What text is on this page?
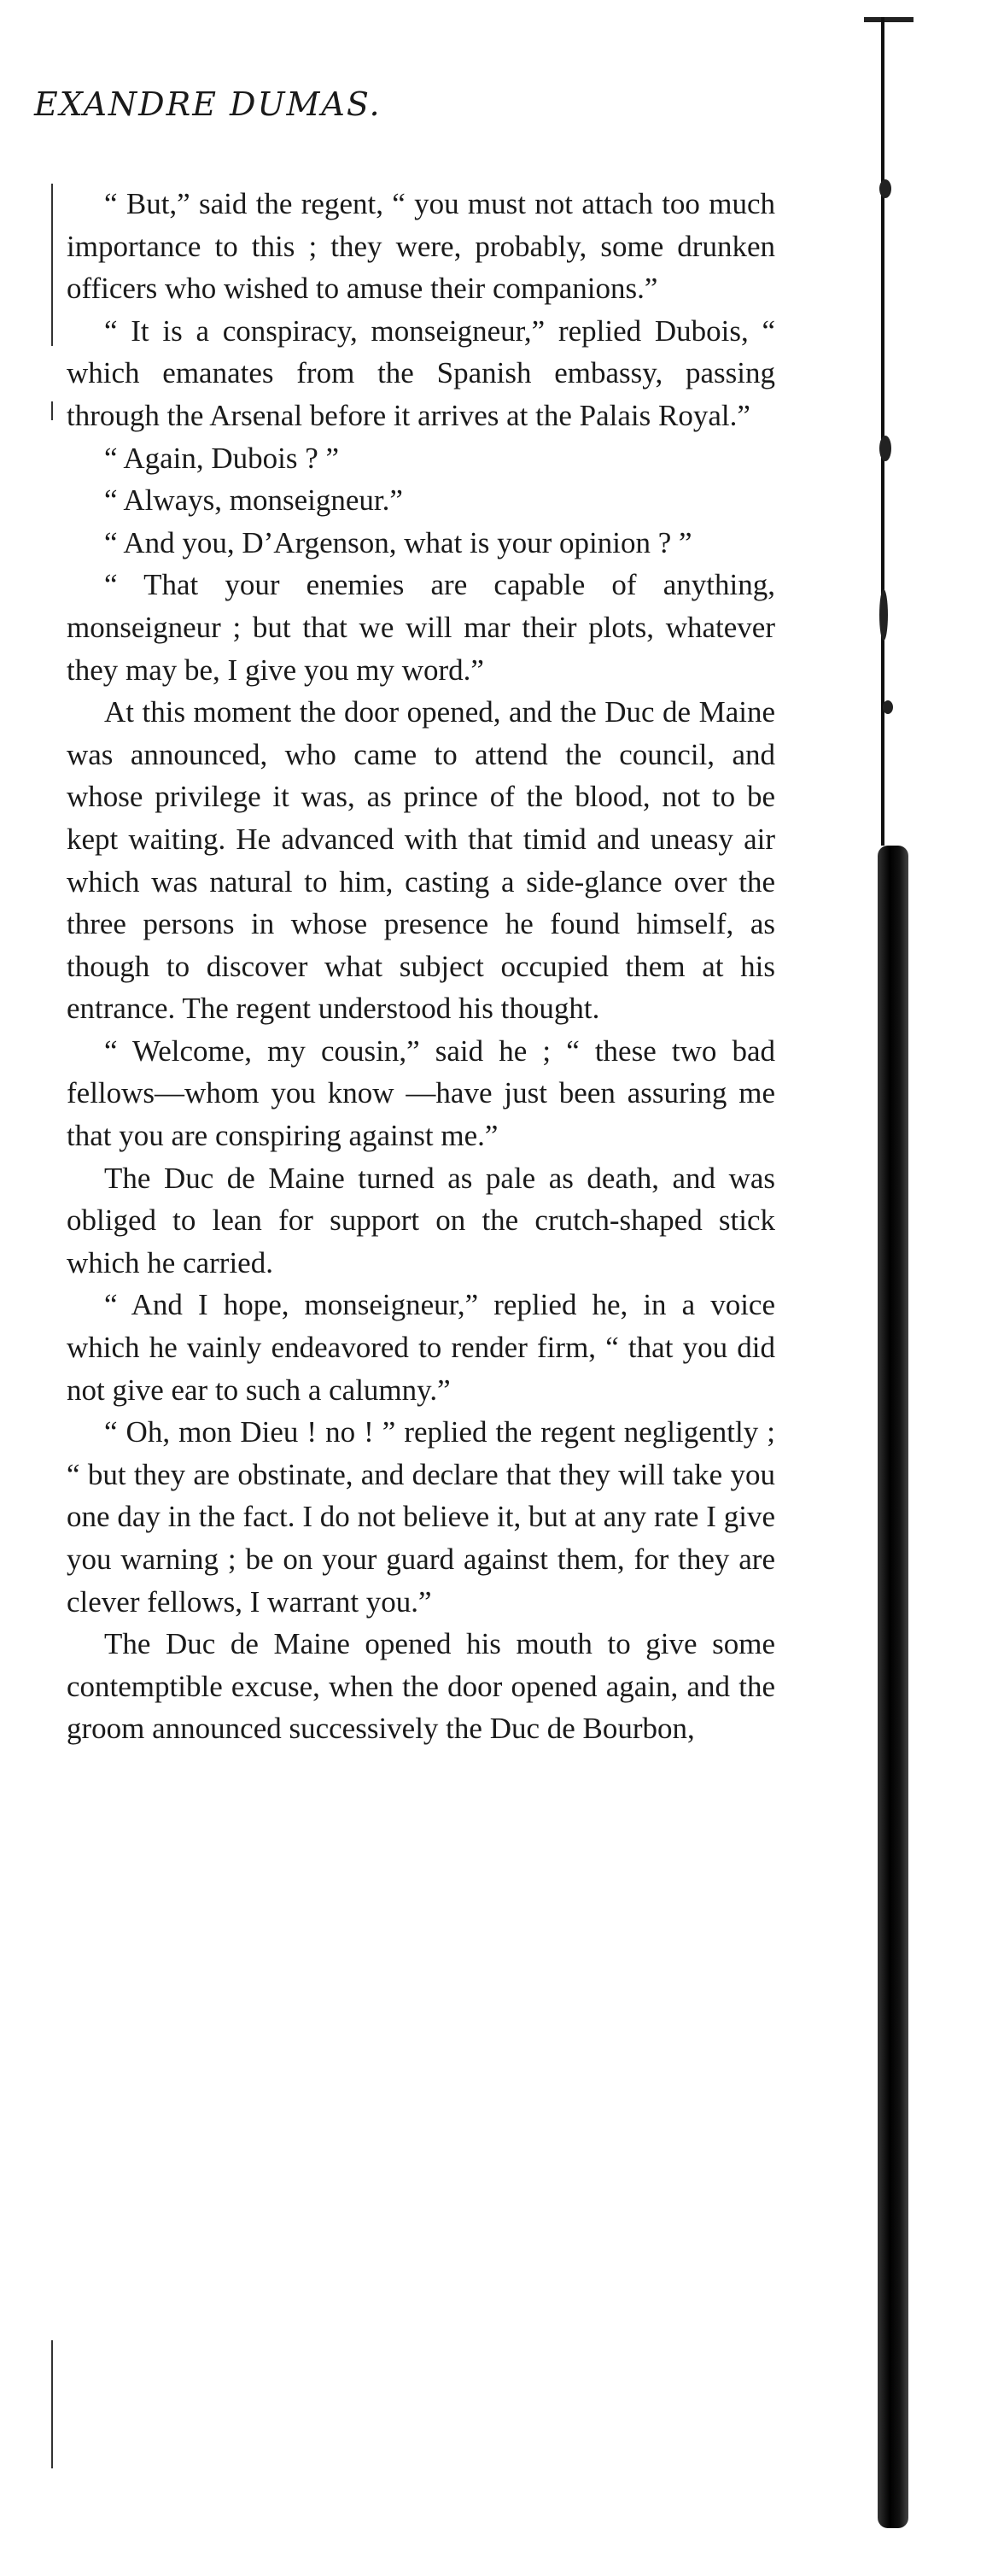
EXANDRE DUMAS.

“ But,” said the regent, “ you must not attach too much importance to this ; they were, probably, some drunken officers who wished to amuse their companions.”

“ It is a conspiracy, monseigneur,” replied Dubois, “ which emanates from the Spanish embassy, passing through the Arsenal before it arrives at the Palais Royal.”

“ Again, Dubois ? ”

“ Always, monseigneur.”

“ And you, D’Argenson, what is your opinion ? ”

“ That your enemies are capable of anything, monseigneur ; but that we will mar their plots, whatever they may be, I give you my word.”

At this moment the door opened, and the Duc de Maine was announced, who came to attend the council, and whose privilege it was, as prince of the blood, not to be kept waiting. He advanced with that timid and uneasy air which was natural to him, casting a side-glance over the three persons in whose presence he found himself, as though to discover what subject occupied them at his entrance. The regent understood his thought.

“ Welcome, my cousin,” said he ; “ these two bad fellows—whom you know —have just been assuring me that you are conspiring against me.”

The Duc de Maine turned as pale as death, and was obliged to lean for support on the crutch-shaped stick which he carried.

“ And I hope, monseigneur,” replied he, in a voice which he vainly endeavored to render firm, “ that you did not give ear to such a calumny.”

“ Oh, mon Dieu ! no ! ” replied the regent negligently ; “ but they are obstinate, and declare that they will take you one day in the fact. I do not believe it, but at any rate I give you warning ; be on your guard against them, for they are clever fellows, I warrant you.”

The Duc de Maine opened his mouth to give some contemptible excuse, when the door opened again, and the groom announced successively the Duc de Bourbon,
